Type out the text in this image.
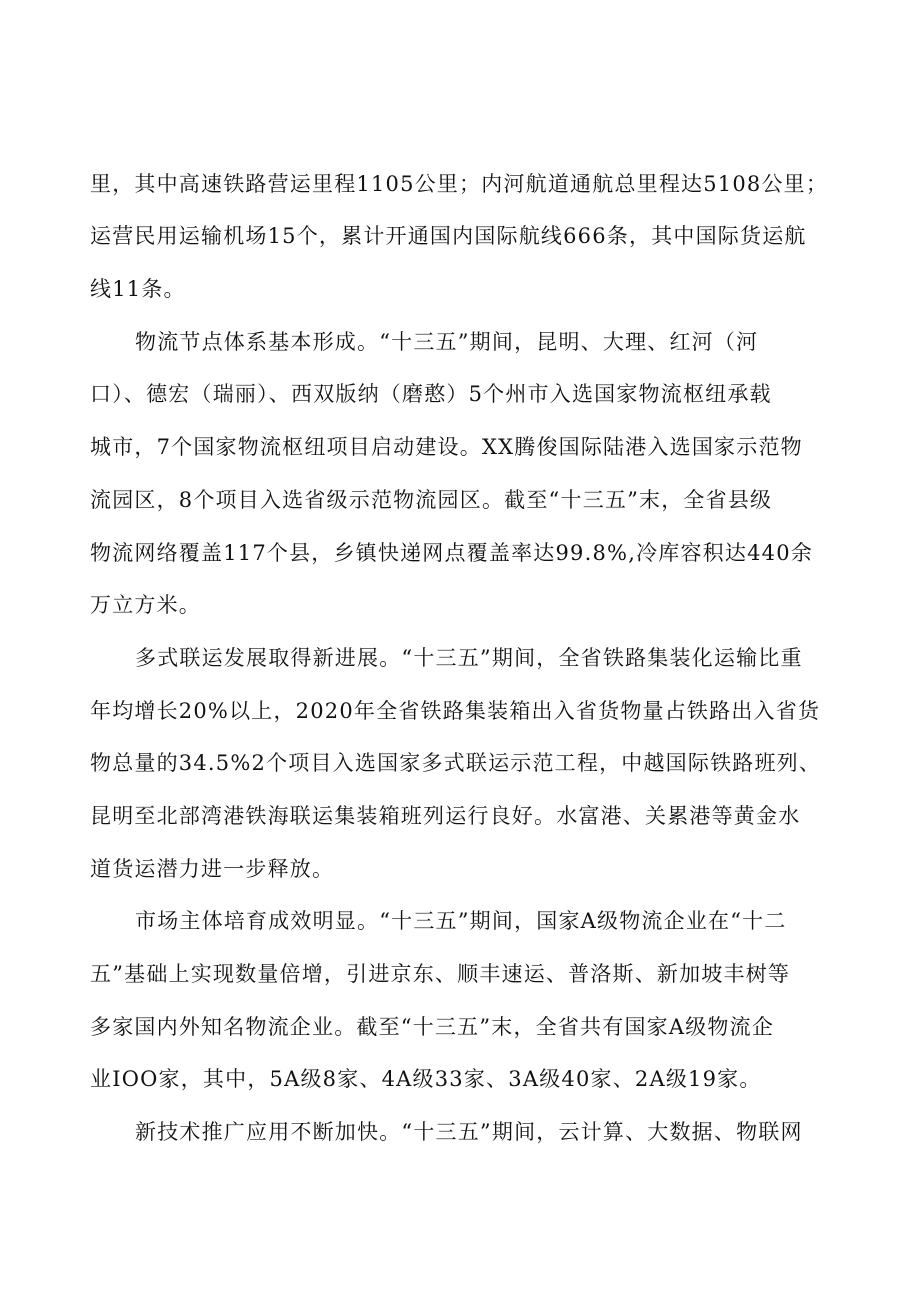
里，其中高速铁路营运里程1105公里；内河航道通航总里程达5108公里；
运营民用运输机场15个，累计开通国内国际航线666条，其中国际货运航
线11条。
物流节点体系基本形成。“十三五”期间，昆明、大理、红河（河
口）、德宏（瑞丽）、西双版纳（磨憨）5个州市入选国家物流枢纽承载
城市，7个国家物流枢纽项目启动建设。XX腾俊国际陆港入选国家示范物
流园区，8个项目入选省级示范物流园区。截至“十三五”末，全省县级
物流网络覆盖117个县，乡镇快递网点覆盖率达99.8%,冷库容积达440余
万立方米。
多式联运发展取得新进展。“十三五”期间，全省铁路集装化运输比重
年均增长20%以上，2020年全省铁路集装箱出入省货物量占铁路出入省货
物总量的34.5%2个项目入选国家多式联运示范工程，中越国际铁路班列、
昆明至北部湾港铁海联运集装箱班列运行良好。水富港、关累港等黄金水
道货运潜力进一步释放。
市场主体培育成效明显。“十三五”期间，国家A级物流企业在“十二
五”基础上实现数量倍增，引进京东、顺丰速运、普洛斯、新加坡丰树等
多家国内外知名物流企业。截至“十三五”末，全省共有国家A级物流企
业IOO家，其中，5A级8家、4A级33家、3A级40家、2A级19家。
新技术推广应用不断加快。“十三五”期间，云计算、大数据、物联网
